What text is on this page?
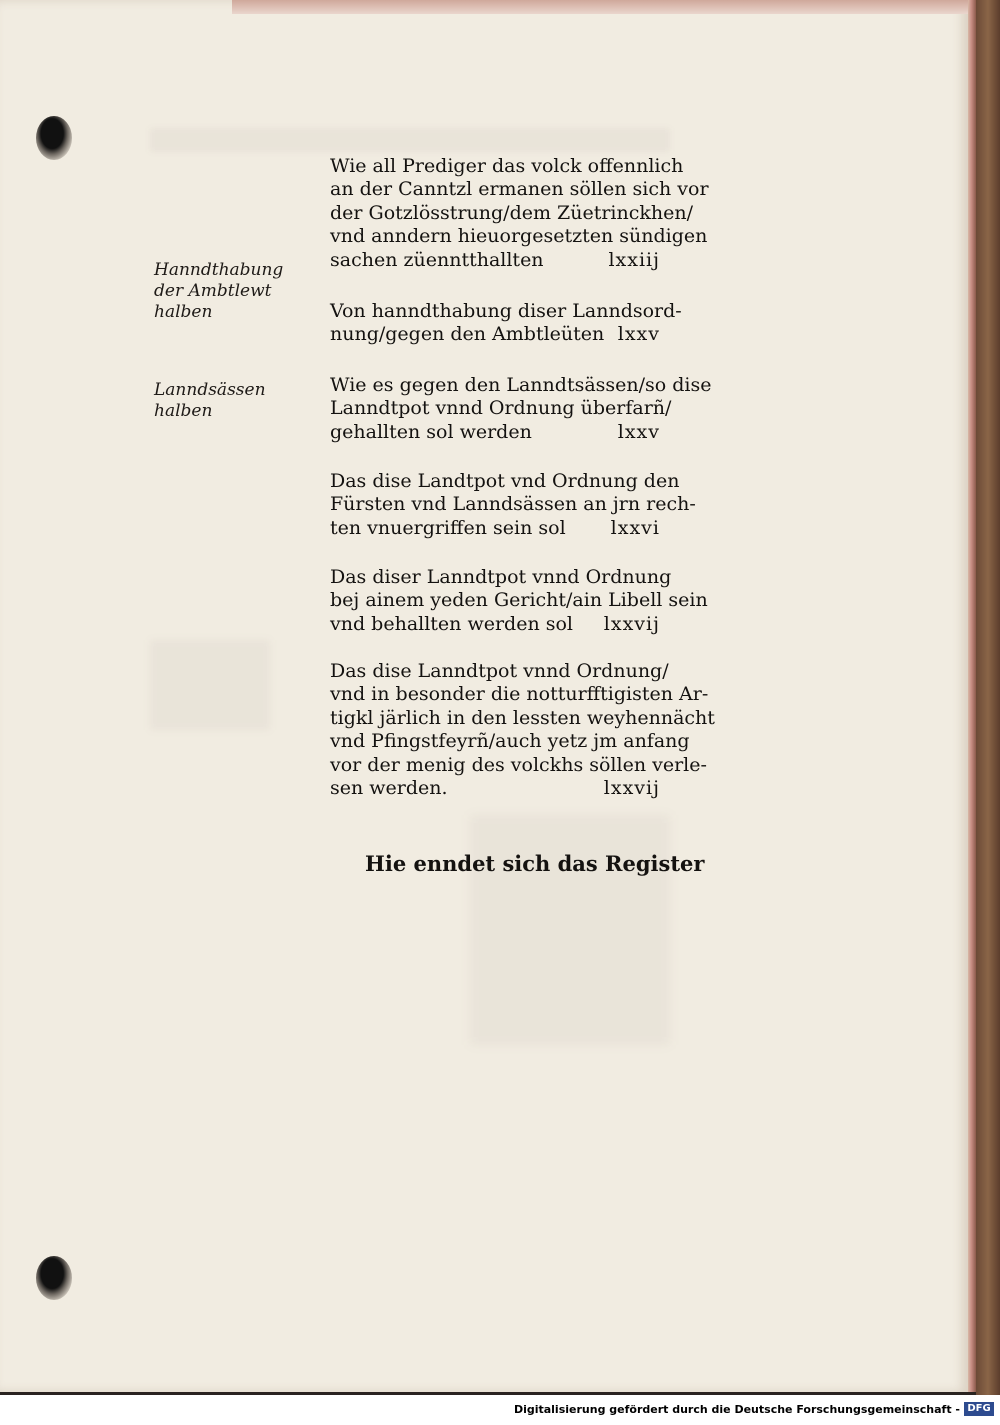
Hanndthabung der Ambtlewt halben
Lanndsässen halben

Wie all Prediger das volck offennlich

an der Canntzl ermanen söllen sich vor

der Gotzlösstrung/dem Züetrinckhen/

vnd anndern hieuorgesetzten sündigen

sachen züenntthallten	lxxiij

Von hanndthabung diser Lanndsord-

nung/gegen den Ambtleüten lxxv

Wie es gegen den Lanndtsässen/so dise

Lanndtpot vnnd Ordnung überfarñ/

gehallten sol werden	lxxv

Das dise Landtpot vnd Ordnung den

Fürsten vnd Lanndsässen an jrn rech-

ten vnuergriffen sein sol lxxvi

Das diser Lanndtpot vnnd Ordnung

bej ainem yeden Gericht/ain Libell sein

vnd behallten werden sol lxxvij

Das dise Lanndtpot vnnd Ordnung/

vnd in besonder die notturfftigisten Ar-

tigkl järlich in den lessten weyhennächt

vnd Pfingstfeyrñ/auch yetz jm anfang

vor der menig des volckhs söllen verle-

sen werden.	lxxvij

Hie enndet sich das Register
Digitalisierung gefördert durch die Deutsche Forschungsgemeinschaft - DFG
